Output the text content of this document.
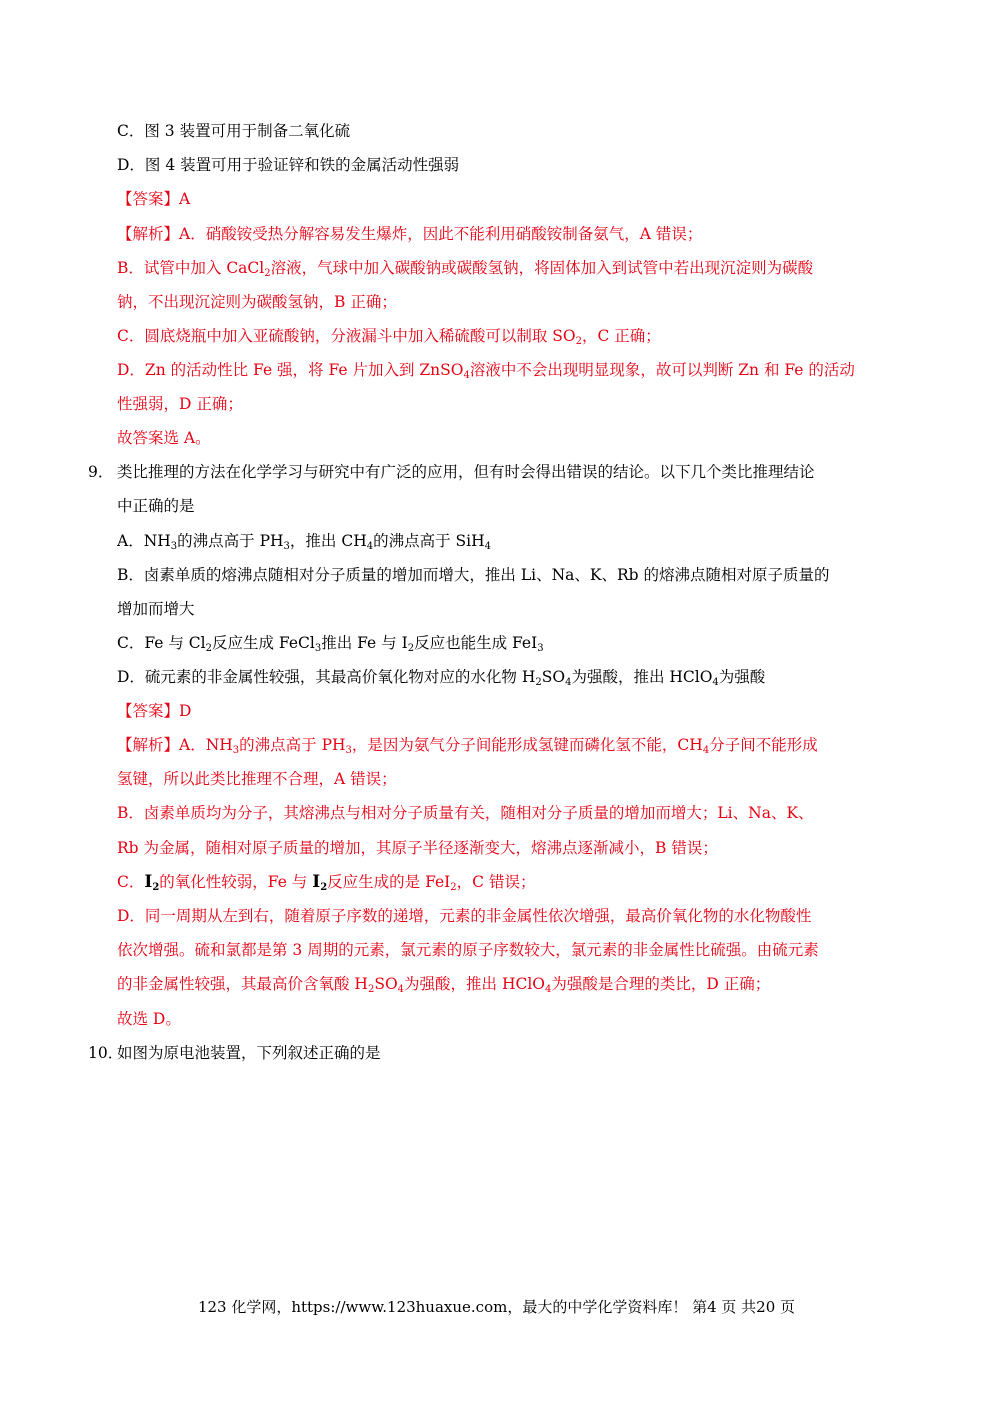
C．图 3 装置可用于制备二氧化硫
D．图 4 装置可用于验证锌和铁的金属活动性强弱
【答案】A
【解析】A．硝酸铵受热分解容易发生爆炸，因此不能利用硝酸铵制备氨气，A 错误；
B．试管中加入 CaCl$_2$溶液，气球中加入碳酸钠或碳酸氢钠，将固体加入到试管中若出现沉淀则为碳酸
钠，不出现沉淀则为碳酸氢钠，B 正确；
C．圆底烧瓶中加入亚硫酸钠，分液漏斗中加入稀硫酸可以制取 $SO_2$，C 正确；
D．Zn 的活动性比 Fe 强，将 Fe 片加入到 ZnSO$_4$溶液中不会出现明显现象，故可以判断 Zn 和 Fe 的活动
性强弱，D 正确；
故答案选 A。
9． 类比推理的方法在化学学习与研究中有广泛的应用，但有时会得出错误的结论。以下几个类比推理结论
中正确的是
A．$NH_3$的沸点高于 $PH_3$，推出 $CH_4$的沸点高于 SiH$_4$
B．卤素单质的熔沸点随相对分子质量的增加而增大，推出 Li、Na、K、Rb 的熔沸点随相对原子质量的
增加而增大
C．Fe 与 $Cl_2$反应生成 FeCl$_3$推出 Fe 与 $I_2$反应也能生成 FeI$_3$
D．硫元素的非金属性较强，其最高价氧化物对应的水化物 $H_2SO_4$为强酸，推出 HClO$_4$为强酸
【答案】D
【解析】A．$NH_3$的沸点高于 $PH_3$，是因为氨气分子间能形成氢键而磷化氢不能，$CH_4$分子间不能形成
氢键，所以此类比推理不合理，A 错误；
B．卤素单质均为分子，其熔沸点与相对分子质量有关，随相对分子质量的增加而增大；Li、Na、K、
Rb 为金属，随相对原子质量的增加，其原子半径逐渐变大，熔沸点逐渐减小，B 错误；
C．$I_2$的氧化性较弱，Fe 与 $I_2$反应生成的是 FeI$_2$，C 错误；
D．同一周期从左到右，随着原子序数的递增，元素的非金属性依次增强，最高价氧化物的水化物酸性
依次增强。硫和氯都是第 3 周期的元素，氯元素的原子序数较大，氯元素的非金属性比硫强。由硫元素
的非金属性较强，其最高价含氧酸 $H_2SO_4$为强酸，推出 HClO$_4$为强酸是合理的类比，D 正确；
故选 D。
10．
如图为原电池装置，下列叙述正确的是
123 化学网，https://www.123huaxue.com，最大的中学化学资料库！ 第4 页 共20 页
